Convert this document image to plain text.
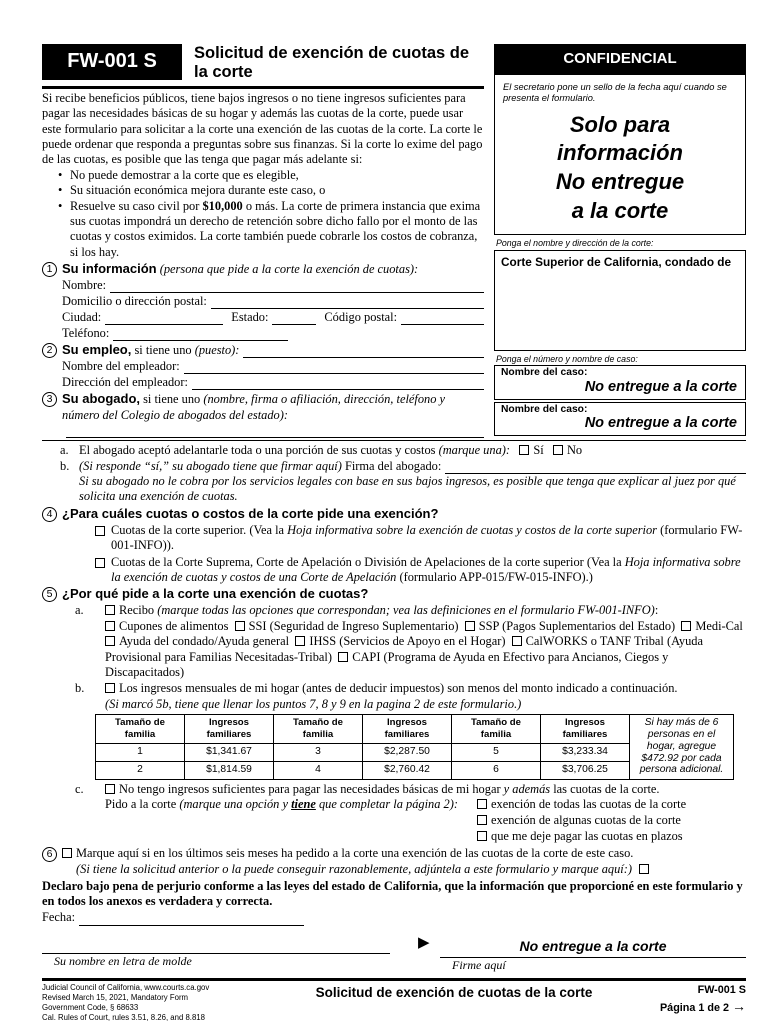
FW-001 S	Solicitud de exención de cuotas de la corte
Si recibe beneficios públicos, tiene bajos ingresos o no tiene ingresos suficientes para pagar las necesidades básicas de su hogar y además las cuotas de la corte, puede usar este formulario para solicitar a la corte una exención de las cuotas de la corte. La corte le puede ordenar que responda a preguntas sobre sus finanzas. Si la corte lo exime del pago de las cuotas, es posible que las tenga que pagar más adelante si:
• No puede demostrar a la corte que es elegible,
• Su situación económica mejora durante este caso, o
• Resuelve su caso civil por $10,000 o más. La corte de primera instancia que exima sus cuotas impondrá un derecho de retención sobre dicho fallo por el monto de las cuotas y costos eximidos. La corte también puede cobrarle los costos de cobranza, si los hay.
1 Su información (persona que pide a la corte la exención de cuotas):
Nombre:
Domicilio o dirección postal:
Ciudad:	Estado:	Código postal:
Teléfono:
2 Su empleo, si tiene uno (puesto):
Nombre del empleador:
Dirección del empleador:
3 Su abogado, si tiene uno (nombre, firma o afiliación, dirección, teléfono y número del Colegio de abogados del estado):
CONFIDENCIAL
El secretario pone un sello de la fecha aquí cuando se presenta el formulario.
Solo para
información
No entregue
a la corte
Ponga el nombre y dirección de la corte:
Corte Superior de California, condado de
Ponga el número y nombre de caso:
Nombre del caso:
No entregue a la corte
Nombre del caso:
No entregue a la corte
a. El abogado aceptó adelantarle toda o una porción de sus cuotas y costos (marque una): Sí No
b. (Si responde “sí,” su abogado tiene que firmar aquí) Firma del abogado:
Si su abogado no le cobra por los servicios legales con base en sus bajos ingresos, es posible que tenga que explicar al juez por qué solicita una exención de cuotas.
4 ¿Para cuáles cuotas o costos de la corte pide una exención?
Cuotas de la corte superior. (Vea la Hoja informativa sobre la exención de cuotas y costos de la corte superior (formulario FW-001-INFO)).
Cuotas de la Corte Suprema, Corte de Apelación o División de Apelaciones de la corte superior (Vea la Hoja informativa sobre la exención de cuotas y costos de una Corte de Apelación (formulario APP-015/FW-015-INFO).)
5 ¿Por qué pide a la corte una exención de cuotas?
a.	Recibo (marque todas las opciones que correspondan; vea las definiciones en el formulario FW-001-INFO):
Cupones de alimentos SSI (Seguridad de Ingreso Suplementario) SSP (Pagos Suplementarios del Estado) Medi-Cal  Ayuda del condado/Ayuda general IHSS (Servicios de Apoyo en el Hogar) CalWORKS o TANF Tribal (Ayuda Provisional para Familias Necesitadas-Tribal) CAPI (Programa de Ayuda en Efectivo para Ancianos, Ciegos y Discapacitados)
b.	Los ingresos mensuales de mi hogar (antes de deducir impuestos) son menos del monto indicado a continuación.
(Si marcó 5b, tiene que llenar los puntos 7, 8 y 9 en la pagina 2 de este formulario.)
Tamaño de familia	Ingresos familiares	Tamaño de familia	Ingresos familiares	Tamaño de familia	Ingresos familiares	Si hay más de 6 personas en el hogar, agregue $472.92 por cada persona adicional.
1	$1,341.67	3	$2,287.50	5	$3,233.34	
2	$1,814.59	4	$2,760.42	6	$3,706.25	
c.	No tengo ingresos suficientes para pagar las necesidades básicas de mi hogar y además las cuotas de la corte.
Pido a la corte (marque una opción y tiene que completar la página 2):	exención de todas las cuotas de la corte
exención de algunas cuotas de la corte
que me deje pagar las cuotas en plazos
6	Marque aquí si en los últimos seis meses ha pedido a la corte una exención de las cuotas de la corte de este caso.
(Si tiene la solicitud anterior o la puede conseguir razonablemente, adjúntela a este formulario y marque aquí:)
Declaro bajo pena de perjurio conforme a las leyes del estado de California, que la información que proporcioné en este formulario y en todos los anexos es verdadera y correcta.
Fecha:
Su nombre en letra de molde
▶	No entregue a la corte
Firme aquí
Judicial Council of California, www.courts.ca.gov
Revised March 15, 2021, Mandatory Form
Government Code, § 68633
Cal. Rules of Court, rules 3.51, 8.26, and 8.818
Solicitud de exención de cuotas de la corte	FW-001 S
Página 1 de 2 →
